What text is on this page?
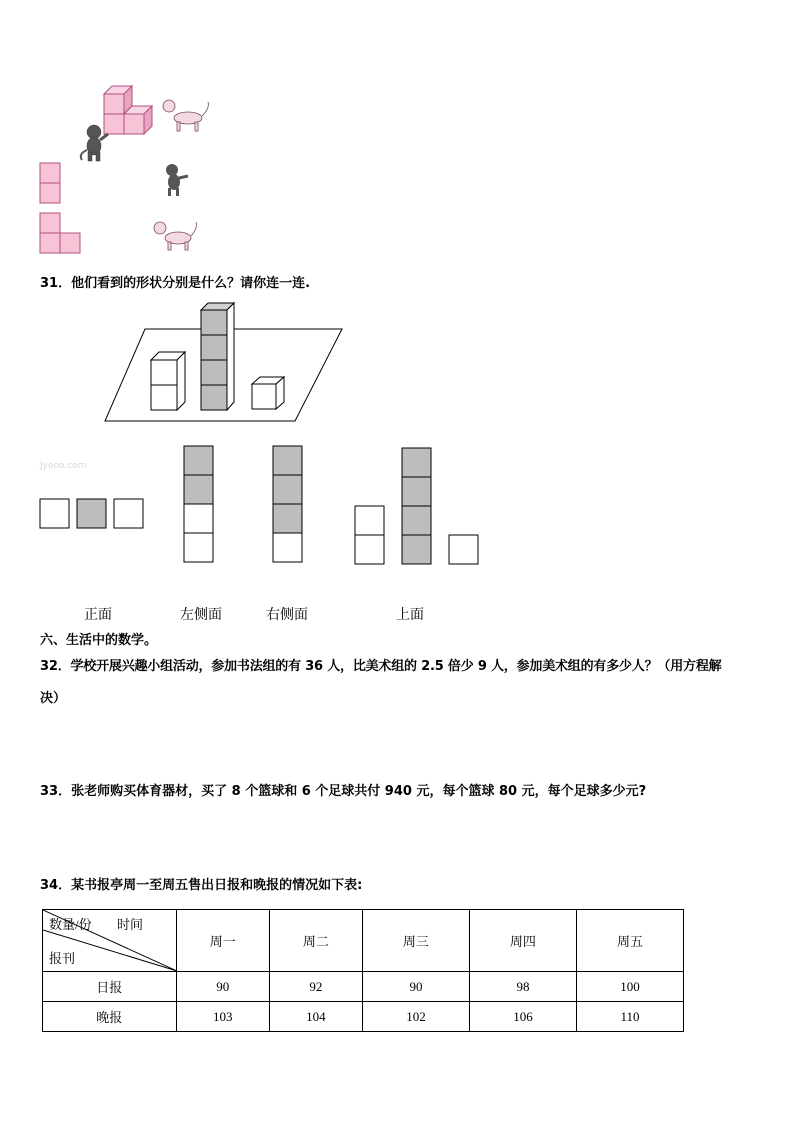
31．他们看到的形状分别是什么？请你连一连.
Jyeoo.com
正面	左侧面	右侧面	上面
六、生活中的数学。
32．学校开展兴趣小组活动，参加书法组的有 36 人，比美术组的 2.5 倍少 9 人，参加美术组的有多少人？（用方程解
决）
33．张老师购买体育器材，买了 8 个篮球和 6 个足球共付 940 元，每个篮球 80 元，每个足球多少元?
34．某书报亭周一至周五售出日报和晚报的情况如下表:
数量/份 时间
报刊	周一	周二	周三	周四	周五
日报	90	92	90	98	100
晚报	103	104	102	106	110
